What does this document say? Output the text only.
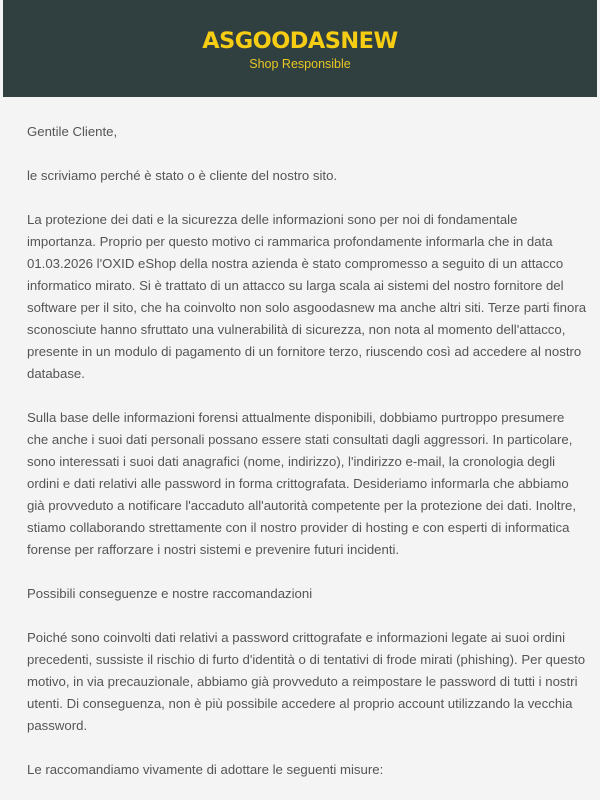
ASGOODASNEW
Shop Responsible

Gentile Cliente,

le scriviamo perché è stato o è cliente del nostro sito.

La protezione dei dati e la sicurezza delle informazioni sono per noi di fondamentale importanza. Proprio per questo motivo ci rammarica profondamente informarla che in data 01.03.2026 l'OXID eShop della nostra azienda è stato compromesso a seguito di un attacco informatico mirato. Si è trattato di un attacco su larga scala ai sistemi del nostro fornitore del software per il sito, che ha coinvolto non solo asgoodasnew ma anche altri siti. Terze parti finora sconosciute hanno sfruttato una vulnerabilità di sicurezza, non nota al momento dell'attacco, presente in un modulo di pagamento di un fornitore terzo, riuscendo così ad accedere al nostro database.

Sulla base delle informazioni forensi attualmente disponibili, dobbiamo purtroppo presumere che anche i suoi dati personali possano essere stati consultati dagli aggressori. In particolare, sono interessati i suoi dati anagrafici (nome, indirizzo), l'indirizzo e-mail, la cronologia degli ordini e dati relativi alle password in forma crittografata. Desideriamo informarla che abbiamo già provveduto a notificare l'accaduto all'autorità competente per la protezione dei dati. Inoltre, stiamo collaborando strettamente con il nostro provider di hosting e con esperti di informatica forense per rafforzare i nostri sistemi e prevenire futuri incidenti.

Possibili conseguenze e nostre raccomandazioni

Poiché sono coinvolti dati relativi a password crittografate e informazioni legate ai suoi ordini precedenti, sussiste il rischio di furto d'identità o di tentativi di frode mirati (phishing). Per questo motivo, in via precauzionale, abbiamo già provveduto a reimpostare le password di tutti i nostri utenti. Di conseguenza, non è più possibile accedere al proprio account utilizzando la vecchia password.

Le raccomandiamo vivamente di adottare le seguenti misure:
